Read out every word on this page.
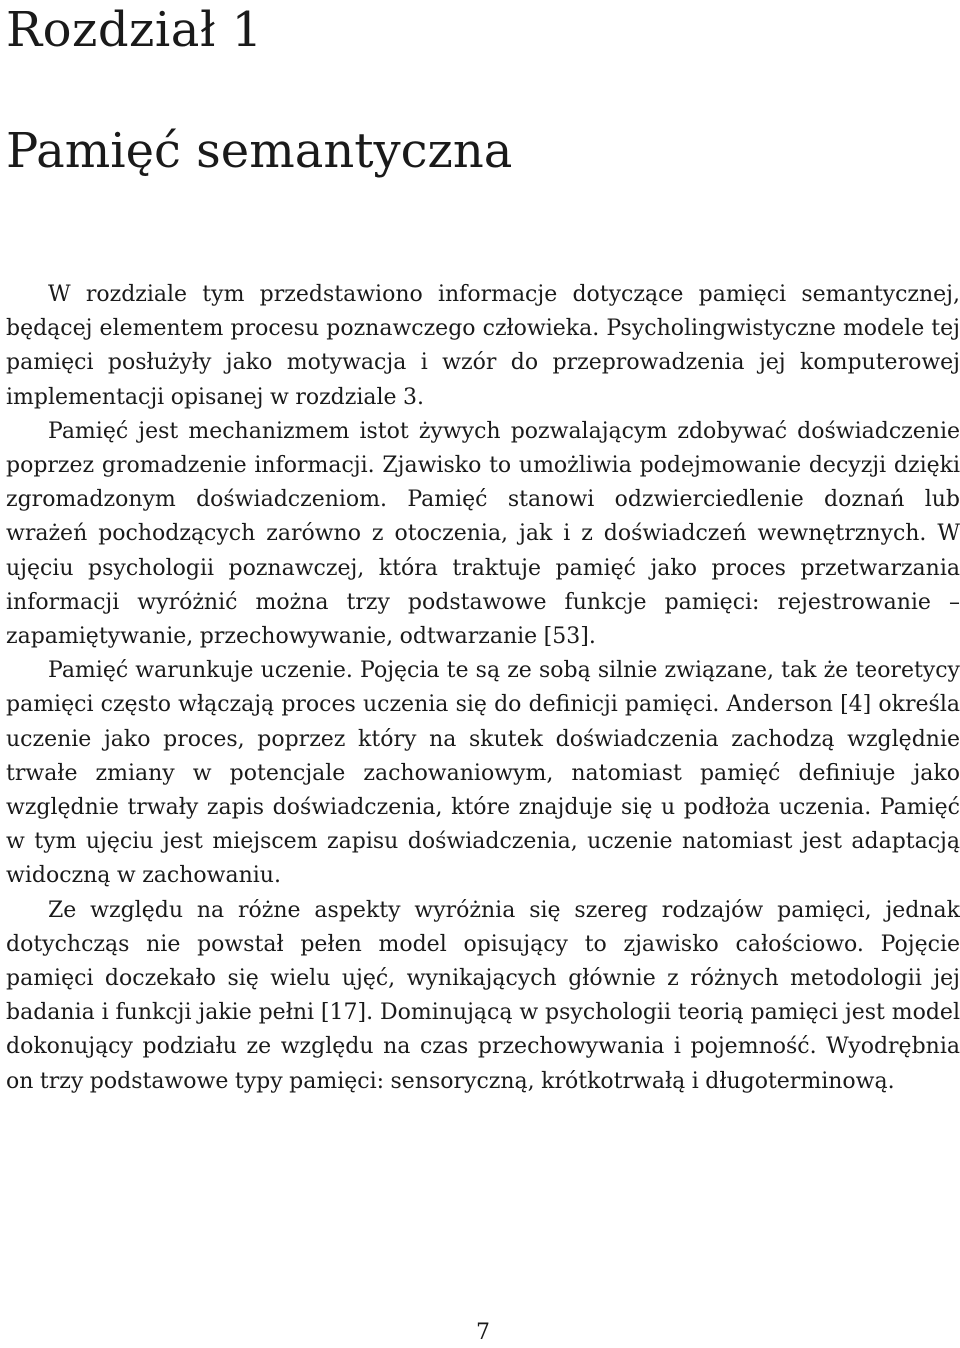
Rozdział 1
Pamięć semantyczna

W rozdziale tym przedstawiono informacje dotyczące pamięci semantycznej, będącej elementem procesu poznawczego człowieka. Psycholingwistyczne modele tej pamięci posłużyły jako motywacja i wzór do przeprowadzenia jej komputerowej implementacji opisanej w rozdziale 3.

Pamięć jest mechanizmem istot żywych pozwalającym zdobywać doświadczenie poprzez gromadzenie informacji. Zjawisko to umożliwia podejmowanie decyzji dzięki zgromadzonym doświadczeniom. Pamięć stanowi odzwierciedlenie doznań lub wrażeń pochodzących zarówno z otoczenia, jak i z doświadczeń wewnętrznych. W ujęciu psychologii poznawczej, która traktuje pamięć jako proces przetwarzania informacji wyróżnić można trzy podstawowe funkcje pamięci: rejestrowanie – zapamiętywanie, przechowywanie, odtwarzanie [53].

Pamięć warunkuje uczenie. Pojęcia te są ze sobą silnie związane, tak że teoretycy pamięci często włączają proces uczenia się do definicji pamięci. Anderson [4] określa uczenie jako proces, poprzez który na skutek doświadczenia zachodzą względnie trwałe zmiany w potencjale zachowaniowym, natomiast pamięć definiuje jako względnie trwały zapis doświadczenia, które znajduje się u podłoża uczenia. Pamięć w tym ujęciu jest miejscem zapisu doświadczenia, uczenie natomiast jest adaptacją widoczną w zachowaniu.

Ze względu na różne aspekty wyróżnia się szereg rodzajów pamięci, jednak dotychcząs nie powstał pełen model opisujący to zjawisko całościowo. Pojęcie pamięci doczekało się wielu ujęć, wynikających głównie z różnych metodologii jej badania i funkcji jakie pełni [17]. Dominującą w psychologii teorią pamięci jest model dokonujący podziału ze względu na czas przechowywania i pojemność. Wyodrębnia on trzy podstawowe typy pamięci: sensoryczną, krótkotrwałą i długoterminową.

7
